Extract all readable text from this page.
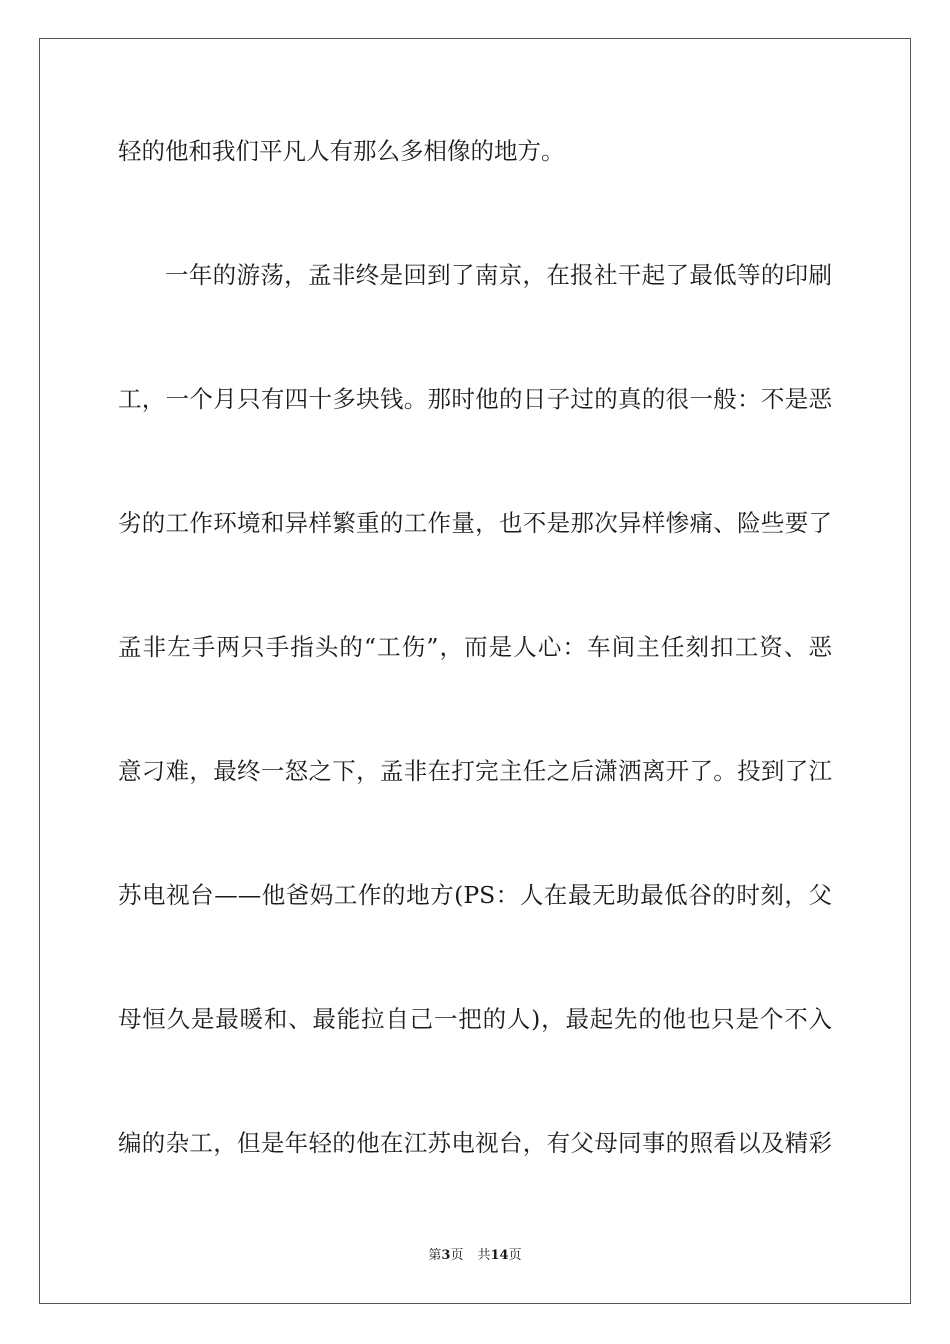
轻的他和我们平凡人有那么多相像的地方。
一年的游荡，孟非终是回到了南京，在报社干起了最低等的印刷
工，一个月只有四十多块钱。那时他的日子过的真的很一般：不是恶
劣的工作环境和异样繁重的工作量，也不是那次异样惨痛、险些要了
孟非左手两只手指头的“工伤”，而是人心：车间主任刻扣工资、恶
意刁难，最终一怒之下，孟非在打完主任之后潇洒离开了。投到了江
苏电视台——他爸妈工作的地方(PS：人在最无助最低谷的时刻，父
母恒久是最暖和、最能拉自己一把的人)，最起先的他也只是个不入
编的杂工，但是年轻的他在江苏电视台，有父母同事的照看以及精彩
第3页 共14页
